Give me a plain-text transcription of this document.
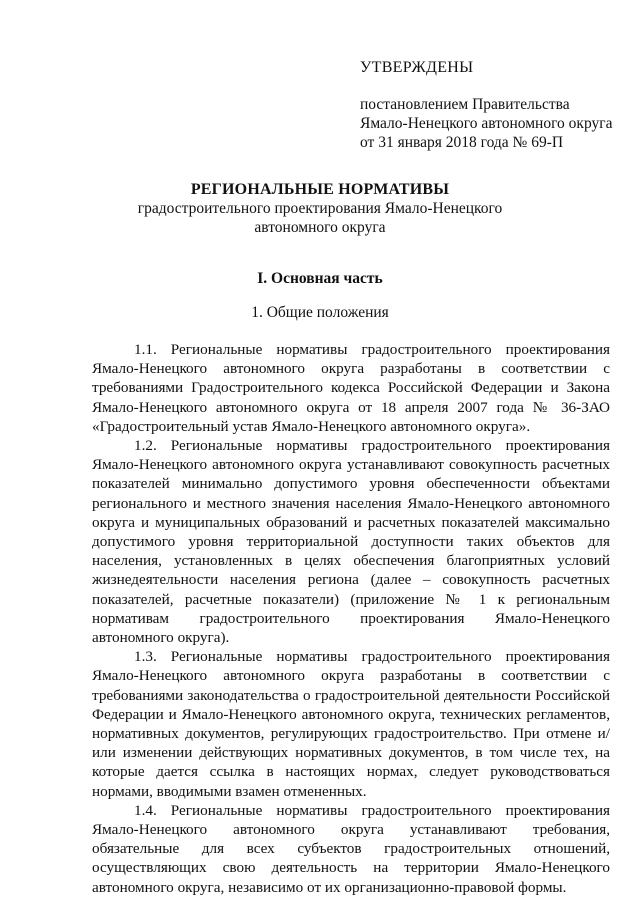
УТВЕРЖДЕНЫ
постановлением Правительства
Ямало-Ненецкого автономного округа
от 31 января 2018 года № 69-П
РЕГИОНАЛЬНЫЕ НОРМАТИВЫ
градостроительного проектирования Ямало-Ненецкого
автономного округа
I. Основная часть
1. Общие положения

1.1. Региональные нормативы градостроительного проектирования Ямало-Ненецкого автономного округа разработаны в соответствии с требованиями Градостроительного кодекса Российской Федерации и Закона Ямало-Ненецкого автономного округа от 18 апреля 2007 года № 36-ЗАО «Градостроительный устав Ямало-Ненецкого автономного округа».

1.2. Региональные нормативы градостроительного проектирования Ямало-Ненецкого автономного округа устанавливают совокупность расчетных показателей минимально допустимого уровня обеспеченности объектами регионального и местного значения населения Ямало-Ненецкого автономного округа и муниципальных образований и расчетных показателей максимально допустимого уровня территориальной доступности таких объектов для населения, установленных в целях обеспечения благоприятных условий жизнедеятельности населения региона (далее – совокупность расчетных показателей, расчетные показатели) (приложение № 1 к региональным нормативам градостроительного проектирования Ямало-Ненецкого автономного округа).

1.3. Региональные нормативы градостроительного проектирования Ямало-Ненецкого автономного округа разработаны в соответствии с требованиями законодательства о градостроительной деятельности Российской Федерации и Ямало-Ненецкого автономного округа, технических регламентов, нормативных документов, регулирующих градостроительство. При отмене и/или изменении действующих нормативных документов, в том числе тех, на которые дается ссылка в настоящих нормах, следует руководствоваться нормами, вводимыми взамен отмененных.

1.4. Региональные нормативы градостроительного проектирования Ямало-Ненецкого автономного округа устанавливают требования, обязательные для всех субъектов градостроительных отношений, осуществляющих свою деятельность на территории Ямало-Ненецкого автономного округа, независимо от их организационно-правовой формы.
